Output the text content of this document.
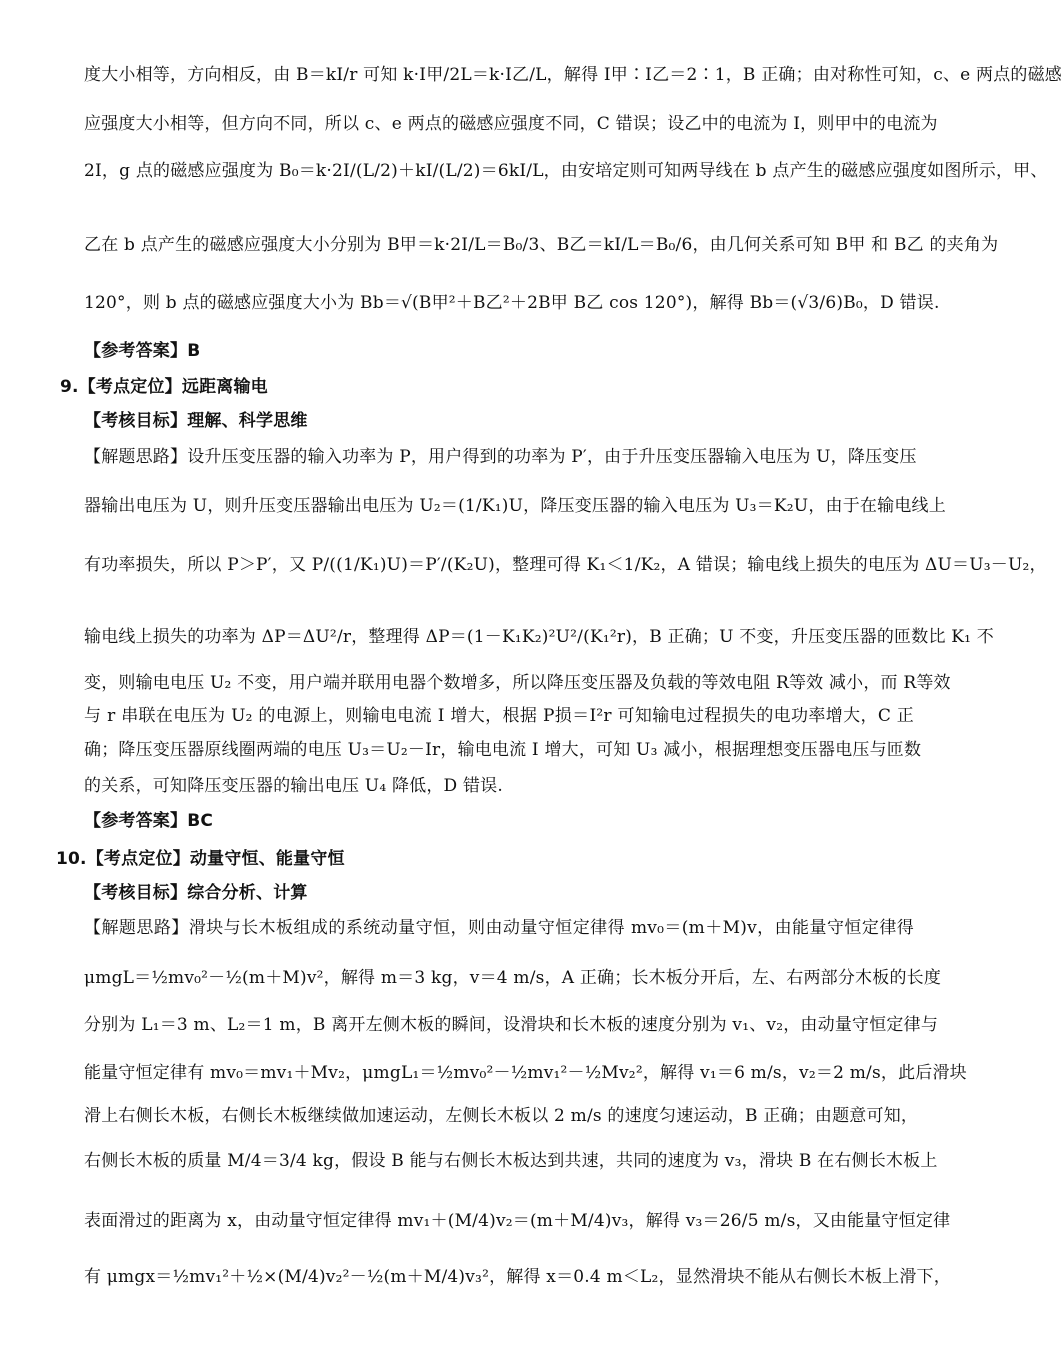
度大小相等，方向相反，由 B＝kI/r 可知 k·I甲/2L＝k·I乙/L，解得 I甲∶I乙＝2∶1，B 正确；由对称性可知，c、e 两点的磁感
应强度大小相等，但方向不同，所以 c、e 两点的磁感应强度不同，C 错误；设乙中的电流为 I，则甲中的电流为
2I，g 点的磁感应强度为 B₀＝k·2I/(L/2)＋kI/(L/2)＝6kI/L，由安培定则可知两导线在 b 点产生的磁感应强度如图所示，甲、
乙在 b 点产生的磁感应强度大小分别为 B甲＝k·2I/L＝B₀/3、B乙＝kI/L＝B₀/6，由几何关系可知 B甲 和 B乙 的夹角为
120°，则 b 点的磁感应强度大小为 Bb＝√(B甲²＋B乙²＋2B甲 B乙 cos 120°)，解得 Bb＝(√3/6)B₀，D 错误.
【参考答案】B
9.【考点定位】远距离输电
【考核目标】理解、科学思维
【解题思路】设升压变压器的输入功率为 P，用户得到的功率为 P′，由于升压变压器输入电压为 U，降压变压
器输出电压为 U，则升压变压器输出电压为 U₂＝(1/K₁)U，降压变压器的输入电压为 U₃＝K₂U，由于在输电线上
有功率损失，所以 P＞P′，又 P/((1/K₁)U)＝P′/(K₂U)，整理可得 K₁＜1/K₂，A 错误；输电线上损失的电压为 ΔU＝U₃－U₂，
输电线上损失的功率为 ΔP＝ΔU²/r，整理得 ΔP＝(1－K₁K₂)²U²/(K₁²r)，B 正确；U 不变，升压变压器的匝数比 K₁ 不
变，则输电电压 U₂ 不变，用户端并联用电器个数增多，所以降压变压器及负载的等效电阻 R等效 减小，而 R等效
与 r 串联在电压为 U₂ 的电源上，则输电电流 I 增大，根据 P损＝I²r 可知输电过程损失的电功率增大，C 正
确；降压变压器原线圈两端的电压 U₃＝U₂－Ir，输电电流 I 增大，可知 U₃ 减小，根据理想变压器电压与匝数
的关系，可知降压变压器的输出电压 U₄ 降低，D 错误.
【参考答案】BC
10.【考点定位】动量守恒、能量守恒
【考核目标】综合分析、计算
【解题思路】滑块与长木板组成的系统动量守恒，则由动量守恒定律得 mv₀＝(m＋M)v，由能量守恒定律得
μmgL＝½mv₀²－½(m＋M)v²，解得 m＝3 kg，v＝4 m/s，A 正确；长木板分开后，左、右两部分木板的长度
分别为 L₁＝3 m、L₂＝1 m，B 离开左侧木板的瞬间，设滑块和长木板的速度分别为 v₁、v₂，由动量守恒定律与
能量守恒定律有 mv₀＝mv₁＋Mv₂，μmgL₁＝½mv₀²－½mv₁²－½Mv₂²，解得 v₁＝6 m/s，v₂＝2 m/s，此后滑块
滑上右侧长木板，右侧长木板继续做加速运动，左侧长木板以 2 m/s 的速度匀速运动，B 正确；由题意可知，
右侧长木板的质量 M/4＝3/4 kg，假设 B 能与右侧长木板达到共速，共同的速度为 v₃，滑块 B 在右侧长木板上
表面滑过的距离为 x，由动量守恒定律得 mv₁＋(M/4)v₂＝(m＋M/4)v₃，解得 v₃＝26/5 m/s，又由能量守恒定律
有 μmgx＝½mv₁²＋½×(M/4)v₂²－½(m＋M/4)v₃²，解得 x＝0.4 m＜L₂，显然滑块不能从右侧长木板上滑下，
